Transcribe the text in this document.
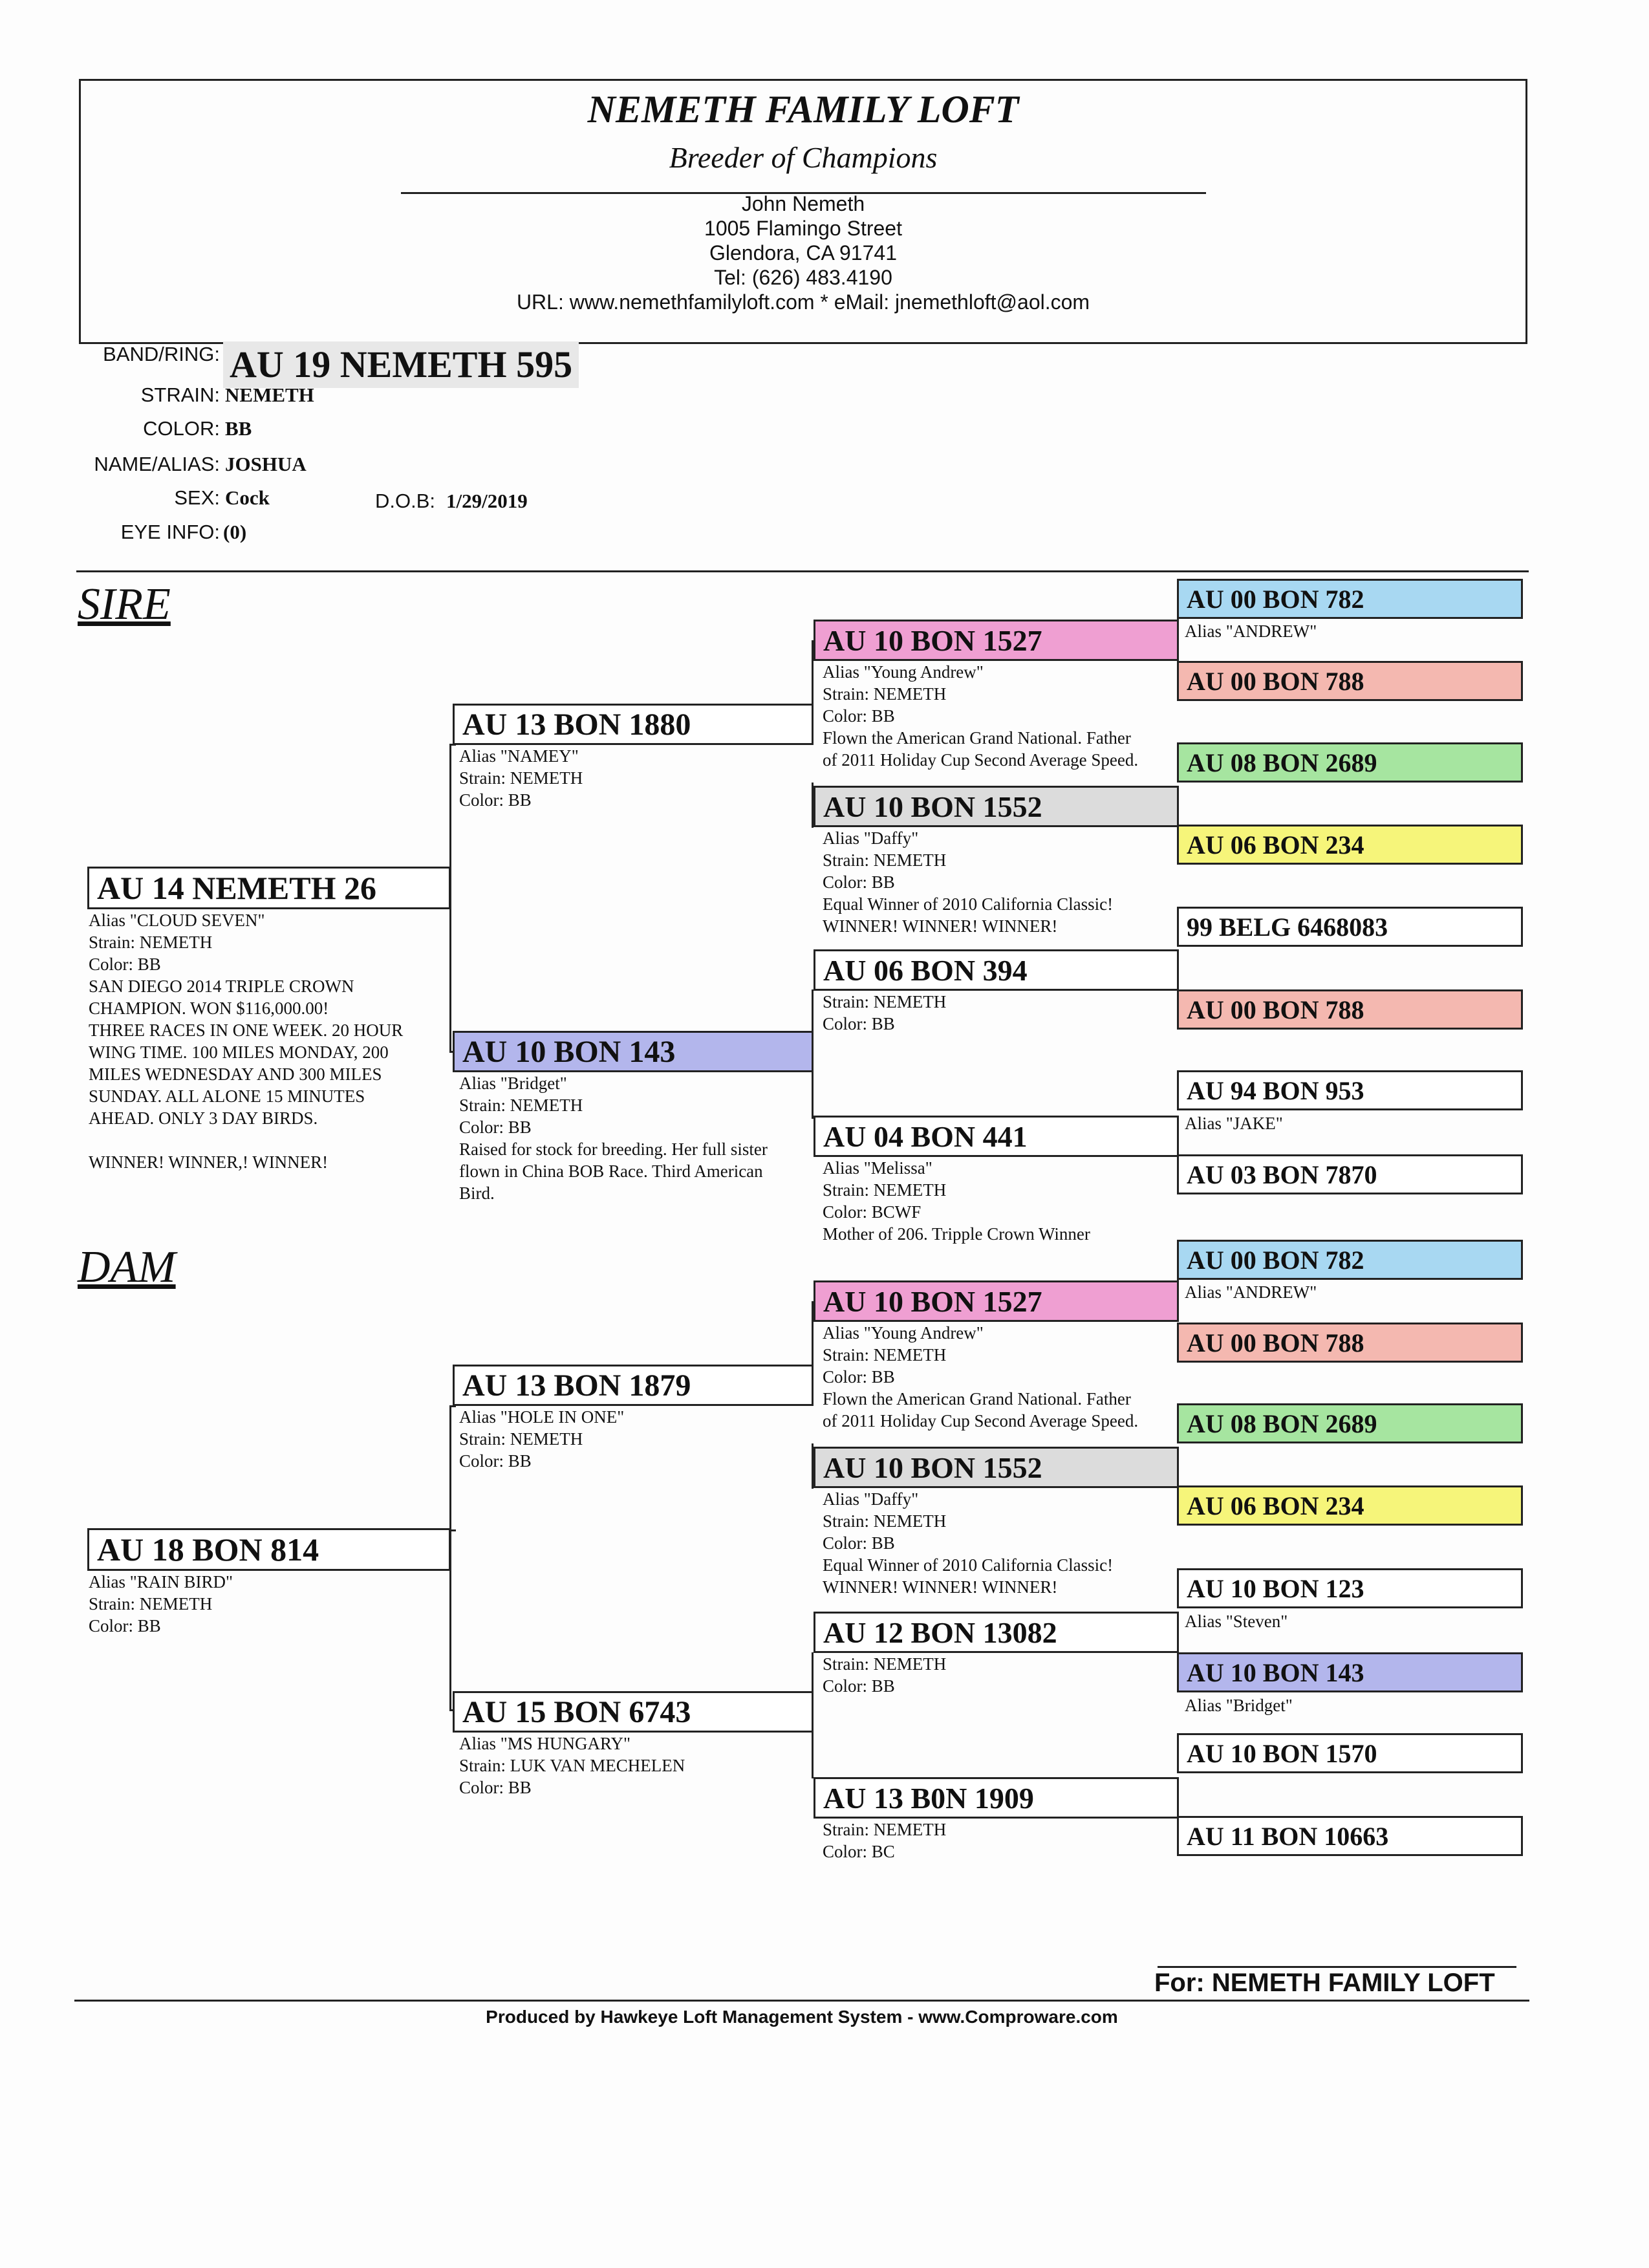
NEMETH FAMILY LOFT
Breeder of Champions
John Nemeth
1005 Flamingo Street
Glendora, CA 91741
Tel: (626) 483.4190
URL: www.nemethfamilyloft.com * eMail: jnemethloft@aol.com
BAND/RING: AU 19 NEMETH 595
STRAIN: NEMETH
COLOR: BB
NAME/ALIAS: JOSHUA
SEX: Cock	D.O.B: 1/29/2019
EYE INFO: (0)
SIRE
DAM
AU 14 NEMETH 26
Alias "CLOUD SEVEN"
Strain: NEMETH
Color: BB
SAN DIEGO 2014 TRIPLE CROWN
CHAMPION. WON $116,000.00!
THREE RACES IN ONE WEEK. 20 HOUR
WING TIME. 100 MILES MONDAY, 200
MILES WEDNESDAY AND 300 MILES
SUNDAY. ALL ALONE 15 MINUTES
AHEAD. ONLY 3 DAY BIRDS.
WINNER! WINNER,! WINNER!
AU 18 BON 814
Alias "RAIN BIRD"
Strain: NEMETH
Color: BB
AU 13 BON 1880
Alias "NAMEY"
Strain: NEMETH
Color: BB
AU 10 BON 143
Alias "Bridget"
Strain: NEMETH
Color: BB
Raised for stock for breeding. Her full sister
flown in China BOB Race. Third American
Bird.
AU 13 BON 1879
Alias "HOLE IN ONE"
Strain: NEMETH
Color: BB
AU 15 BON 6743
Alias "MS HUNGARY"
Strain: LUK VAN MECHELEN
Color: BB
AU 10 BON 1527
Alias "Young Andrew"
Strain: NEMETH
Color: BB
Flown the American Grand National. Father
of 2011 Holiday Cup Second Average Speed.
AU 10 BON 1552
Alias "Daffy"
Strain: NEMETH
Color: BB
Equal Winner of 2010 California Classic!
WINNER! WINNER! WINNER!
AU 06 BON 394
Strain: NEMETH
Color: BB
AU 04 BON 441
Alias "Melissa"
Strain: NEMETH
Color: BCWF
Mother of 206. Tripple Crown Winner
AU 10 BON 1527
Alias "Young Andrew"
Strain: NEMETH
Color: BB
Flown the American Grand National. Father
of 2011 Holiday Cup Second Average Speed.
AU 10 BON 1552
Alias "Daffy"
Strain: NEMETH
Color: BB
Equal Winner of 2010 California Classic!
WINNER! WINNER! WINNER!
AU 12 BON 13082
Strain: NEMETH
Color: BB
AU 13 B0N 1909
Strain: NEMETH
Color: BC
AU 00 BON 782
Alias "ANDREW"
AU 00 BON 788
AU 08 BON 2689
AU 06 BON 234
99 BELG 6468083
AU 00 BON 788
AU 94 BON 953
Alias "JAKE"
AU 03 BON 7870
AU 00 BON 782
Alias "ANDREW"
AU 00 BON 788
AU 08 BON 2689
AU 06 BON 234
AU 10 BON 123
Alias "Steven"
AU 10 BON 143
Alias "Bridget"
AU 10 BON 1570
AU 11 BON 10663
For: NEMETH FAMILY LOFT
Produced by Hawkeye Loft Management System - www.Comproware.com
